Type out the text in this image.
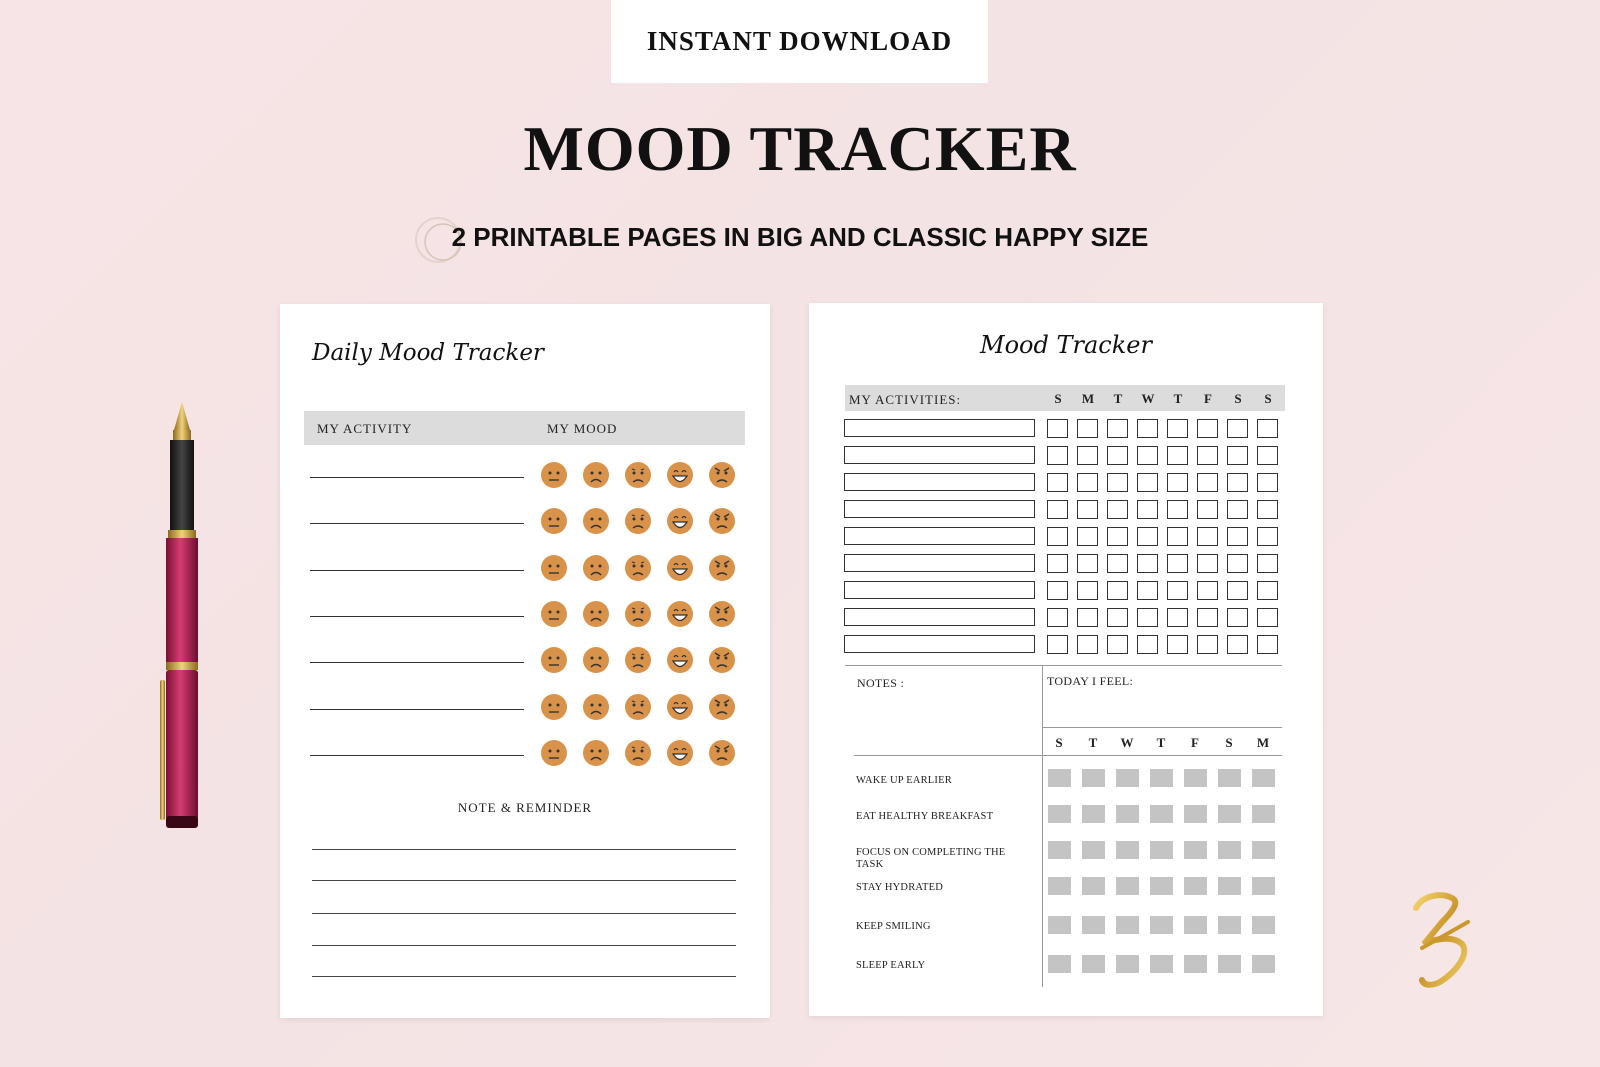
INSTANT DOWNLOAD
MOOD TRACKER
2 PRINTABLE PAGES IN BIG AND CLASSIC HAPPY SIZE
Daily Mood Tracker
MY ACTIVITY	MY MOOD
NOTE & REMINDER
Mood Tracker
MY ACTIVITIES:	S	M	T	W	T	F	S	S
NOTES :	TODAY I FEEL:
S	T	W	T	F	S	M
WAKE UP EARLIER
EAT HEALTHY BREAKFAST
FOCUS ON COMPLETING THE TASK
STAY HYDRATED
KEEP SMILING
SLEEP EARLY
